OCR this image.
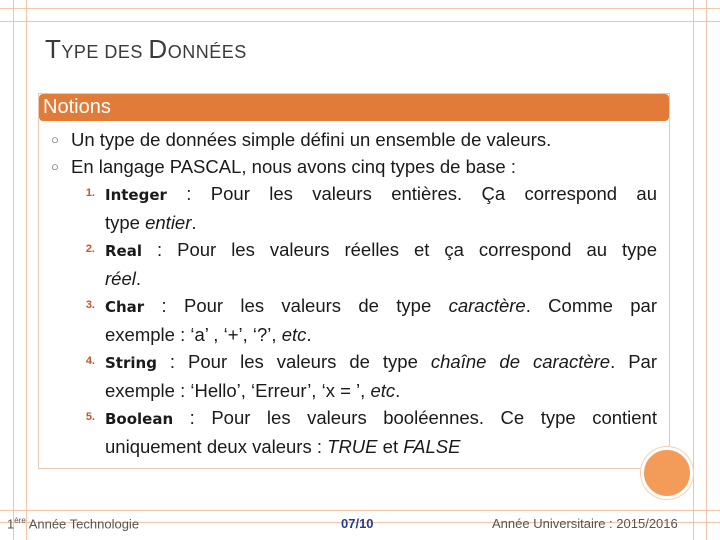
TYPE DES DONNÉES
Notions
○ Un type de données simple défini un ensemble de valeurs.
○ En langage PASCAL, nous avons cinq types de base :
1. Integer : Pour les valeurs entières. Ça correspond au
type entier.
2. Real : Pour les valeurs réelles et ça correspond au type
réel.
3. Char : Pour les valeurs de type caractère. Comme par
exemple : ‘a’ , ‘+’, ‘?’, etc.
4. String : Pour les valeurs de type chaîne de caractère. Par
exemple : ‘Hello’, ‘Erreur’, ‘x = ’, etc.
5. Boolean : Pour les valeurs booléennes. Ce type contient
uniquement deux valeurs : TRUE et FALSE
1ère Année Technologie	07/10	Année Universitaire : 2015/2016
